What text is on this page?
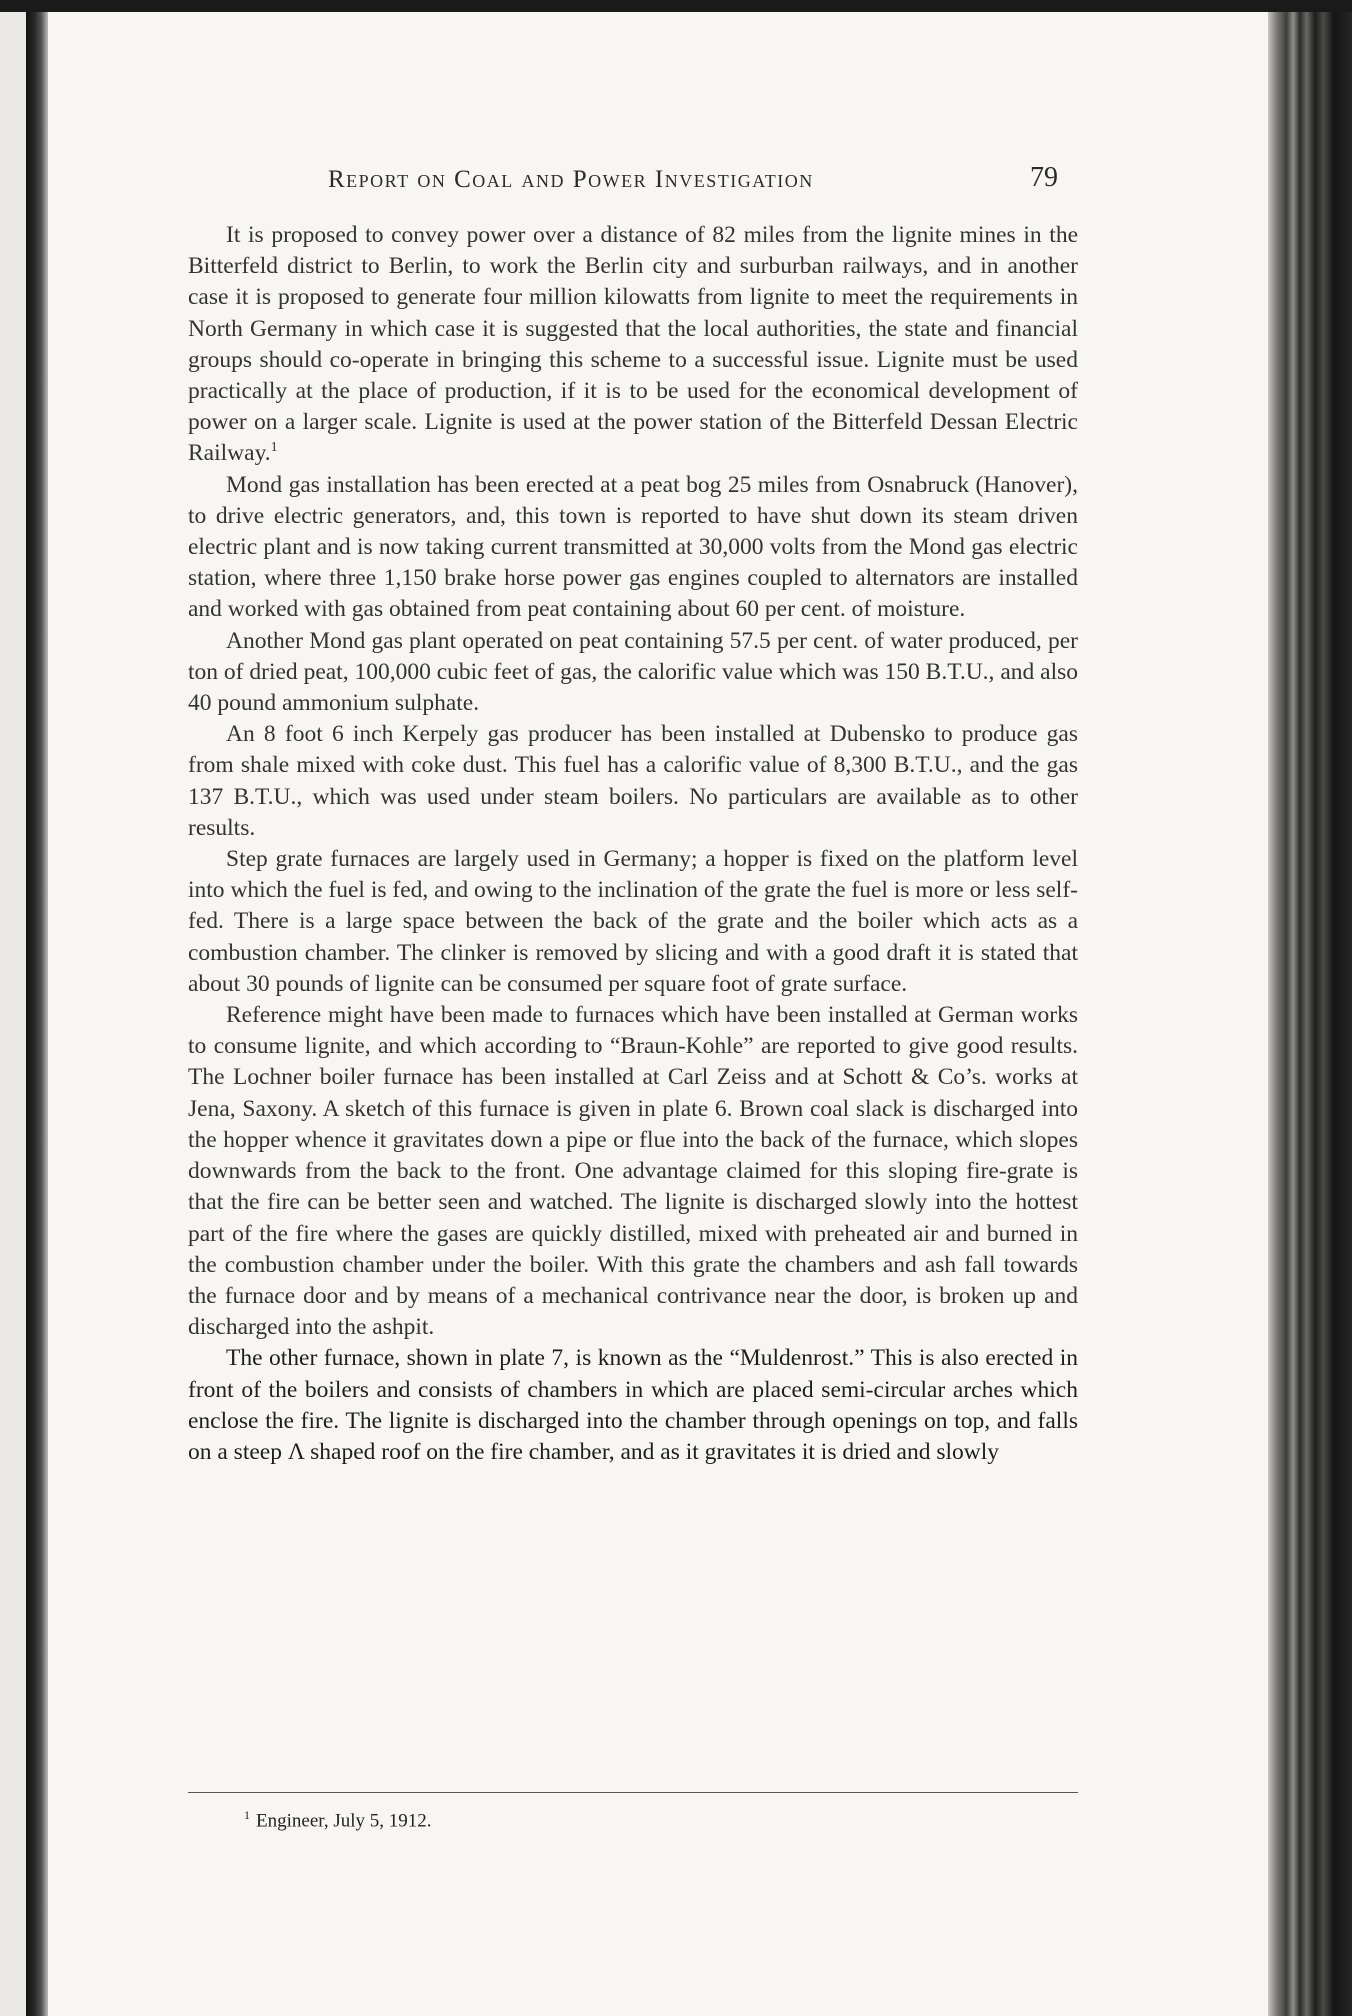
Report on Coal and Power Investigation	79

It is proposed to convey power over a distance of 82 miles from the lignite mines in the Bitterfeld district to Berlin, to work the Berlin city and surburban railways, and in another case it is proposed to generate four million kilowatts from lignite to meet the requirements in North Germany in which case it is suggested that the local authorities, the state and financial groups should co-operate in bringing this scheme to a successful issue. Lignite must be used practically at the place of production, if it is to be used for the economical development of power on a larger scale. Lignite is used at the power station of the Bitterfeld Dessan Electric Railway.$^1$

Mond gas installation has been erected at a peat bog 25 miles from Osnabruck (Hanover), to drive electric generators, and, this town is reported to have shut down its steam driven electric plant and is now taking current transmitted at 30,000 volts from the Mond gas electric station, where three 1,150 brake horse power gas engines coupled to alternators are installed and worked with gas obtained from peat containing about 60 per cent. of moisture.

Another Mond gas plant operated on peat containing 57.5 per cent. of water produced, per ton of dried peat, 100,000 cubic feet of gas, the calorific value which was 150 B.T.U., and also 40 pound ammonium sulphate.

An 8 foot 6 inch Kerpely gas producer has been installed at Dubensko to produce gas from shale mixed with coke dust. This fuel has a calorific value of 8,300 B.T.U., and the gas 137 B.T.U., which was used under steam boilers. No particulars are available as to other results.

Step grate furnaces are largely used in Germany; a hopper is fixed on the platform level into which the fuel is fed, and owing to the inclination of the grate the fuel is more or less self-fed. There is a large space between the back of the grate and the boiler which acts as a combustion chamber. The clinker is removed by slicing and with a good draft it is stated that about 30 pounds of lignite can be consumed per square foot of grate surface.

Reference might have been made to furnaces which have been installed at German works to consume lignite, and which according to “Braun-Kohle” are reported to give good results. The Lochner boiler furnace has been installed at Carl Zeiss and at Schott & Co’s. works at Jena, Saxony. A sketch of this furnace is given in plate 6. Brown coal slack is discharged into the hopper whence it gravitates down a pipe or flue into the back of the furnace, which slopes downwards from the back to the front. One advantage claimed for this sloping fire-grate is that the fire can be better seen and watched. The lignite is discharged slowly into the hottest part of the fire where the gases are quickly distilled, mixed with preheated air and burned in the combustion chamber under the boiler. With this grate the chambers and ash fall towards the furnace door and by means of a mechanical contrivance near the door, is broken up and discharged into the ashpit.

The other furnace, shown in plate 7, is known as the “Muldenrost.” This is also erected in front of the boilers and consists of chambers in which are placed semi-circular arches which enclose the fire. The lignite is discharged into the chamber through openings on top, and falls on a steep Λ shaped roof on the fire chamber, and as it gravitates it is dried and slowly

$^1$ Engineer, July 5, 1912.
